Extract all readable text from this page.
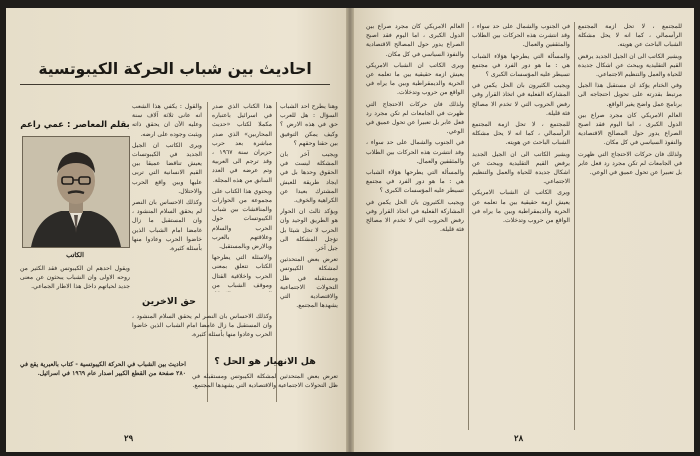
احاديث بين شباب الحركة الكيبوتسية
بقلم المعاصر : عمي راعم
الكاتب

والقول : يكفي هذا الشعب انه عانى ثلاثة آلاف سنة وعليه الآن ان يحقق ذاته ويثبت وجوده على ارضه.

ويرى الكاتب ان الجيل الجديد في الكيبوتسات يعيش تناقضا عميقا بين القيم الانسانية التي تربى عليها وبين واقع الحرب والاحتلال.

وكذلك الاحساس بان النصر لم يحقق السلام المنشود ، وان المستقبل ما زال غامضا امام الشباب الذين خاضوا الحرب وعادوا منها بأسئلة كثيرة.

هذا الكتاب الذي صدر في اسرائيل باعتباره مكملا لكتاب «حديث المحاربين» الذي صدر مباشرة بعد حرب حزيران سنة ١٩٦٧ ، وقد ترجم الى العربية وتم عرضه في العدد السابق من هذه المجلة.

ويحتوي هذا الكتاب على مجموعة من الحوارات والمناقشات بين شباب الكيبوتسات حول الحرب والسلام وعلاقتهم بالعرب وبالارض وبالمستقبل.

والاسئلة التي يطرحها الكتاب تتعلق بمعنى الحرب واخلاقية القتال وموقف الشباب من

وهنا يطرح احد الشباب السؤال : هل للعرب حق في هذه الارض ؟ وكيف يمكن التوفيق بين حقنا وحقهم ؟

ويجيب آخر بان المشكلة ليست في الحقوق وحدها بل في ايجاد طريقة للعيش المشترك بعيدا عن الكراهية والخوف.

ويؤكد ثالث ان الحوار هو الطريق الوحيد وان الحرب لا تحل شيئا بل تؤجل المشكلة الى جيل آخر.

تعرض بعض المتحدثين لمشكلة الكيبوتس ومستقبله في ظل التحولات الاجتماعية والاقتصادية التي يشهدها المجتمع.

ويقول احدهم ان الكيبوتس فقد الكثير من روحه الاولى وان الشباب يبحثون عن معنى جديد لحياتهم داخل هذا الاطار الجماعي.

حق الاخرين

وكذلك الاحساس بان النصر لم يحقق السلام المنشود ، وان المستقبل ما زال غامضا امام الشباب الذين خاضوا الحرب وعادوا منها بأسئلة كثيرة.

هل الانهيار هو الحل ؟

تعرض بعض المتحدثين لمشكلة الكيبوتس ومستقبله في ظل التحولات الاجتماعية والاقتصادية التي يشهدها المجتمع.

احاديث بين الشباب في الحركة الكيبوتسية - كتاب بالعبرية يقع في ٢٨٠ صفحة من القطع الكبير اصدار عام ١٩٦٩ في اسرائيل.

٢٩

العالم الامريكي كان مجرد صراع بين الدول الكبرى ، اما اليوم فقد اصبح الصراع يدور حول المصالح الاقتصادية والنفوذ السياسي في كل مكان.

ويرى الكاتب ان الشباب الامريكي يعيش ازمة حقيقية بين ما تعلمه عن الحرية والديمقراطية وبين ما يراه في الواقع من حروب وتدخلات.

ولذلك فان حركات الاحتجاج التي ظهرت في الجامعات لم تكن مجرد رد فعل عابر بل تعبيرا عن تحول عميق في الوعي.

في الجنوب والشمال على حد سواء ، وقد انتشرت هذه الحركات بين الطلاب والمثقفين والعمال.

والمسألة التي يطرحها هؤلاء الشباب هي : ما هو دور الفرد في مجتمع تسيطر عليه المؤسسات الكبرى ؟

ويجيب الكثيرون بان الحل يكمن في المشاركة الفعلية في اتخاذ القرار وفي رفض الحروب التي لا تخدم الا مصالح فئة قليلة.

في الجنوب والشمال على حد سواء ، وقد انتشرت هذه الحركات بين الطلاب والمثقفين والعمال.

والمسألة التي يطرحها هؤلاء الشباب هي : ما هو دور الفرد في مجتمع تسيطر عليه المؤسسات الكبرى ؟

ويجيب الكثيرون بان الحل يكمن في المشاركة الفعلية في اتخاذ القرار وفي رفض الحروب التي لا تخدم الا مصالح فئة قليلة.

للمجتمع ، لا تحل ازمة المجتمع الرأسمالي ، كما انه لا يحل مشكلة الشباب الباحث عن هويته.

ويشير الكاتب الى ان الجيل الجديد يرفض القيم التقليدية ويبحث عن اشكال جديدة للحياة والعمل والتنظيم الاجتماعي.

ويرى الكاتب ان الشباب الامريكي يعيش ازمة حقيقية بين ما تعلمه عن الحرية والديمقراطية وبين ما يراه في الواقع من حروب وتدخلات.

للمجتمع ، لا تحل ازمة المجتمع الرأسمالي ، كما انه لا يحل مشكلة الشباب الباحث عن هويته.

ويشير الكاتب الى ان الجيل الجديد يرفض القيم التقليدية ويبحث عن اشكال جديدة للحياة والعمل والتنظيم الاجتماعي.

وفي الختام يؤكد ان مستقبل هذا الجيل مرتبط بقدرته على تحويل احتجاجه الى برنامج عمل واضح يغير الواقع.

العالم الامريكي كان مجرد صراع بين الدول الكبرى ، اما اليوم فقد اصبح الصراع يدور حول المصالح الاقتصادية والنفوذ السياسي في كل مكان.

ولذلك فان حركات الاحتجاج التي ظهرت في الجامعات لم تكن مجرد رد فعل عابر بل تعبيرا عن تحول عميق في الوعي.

٢٨
